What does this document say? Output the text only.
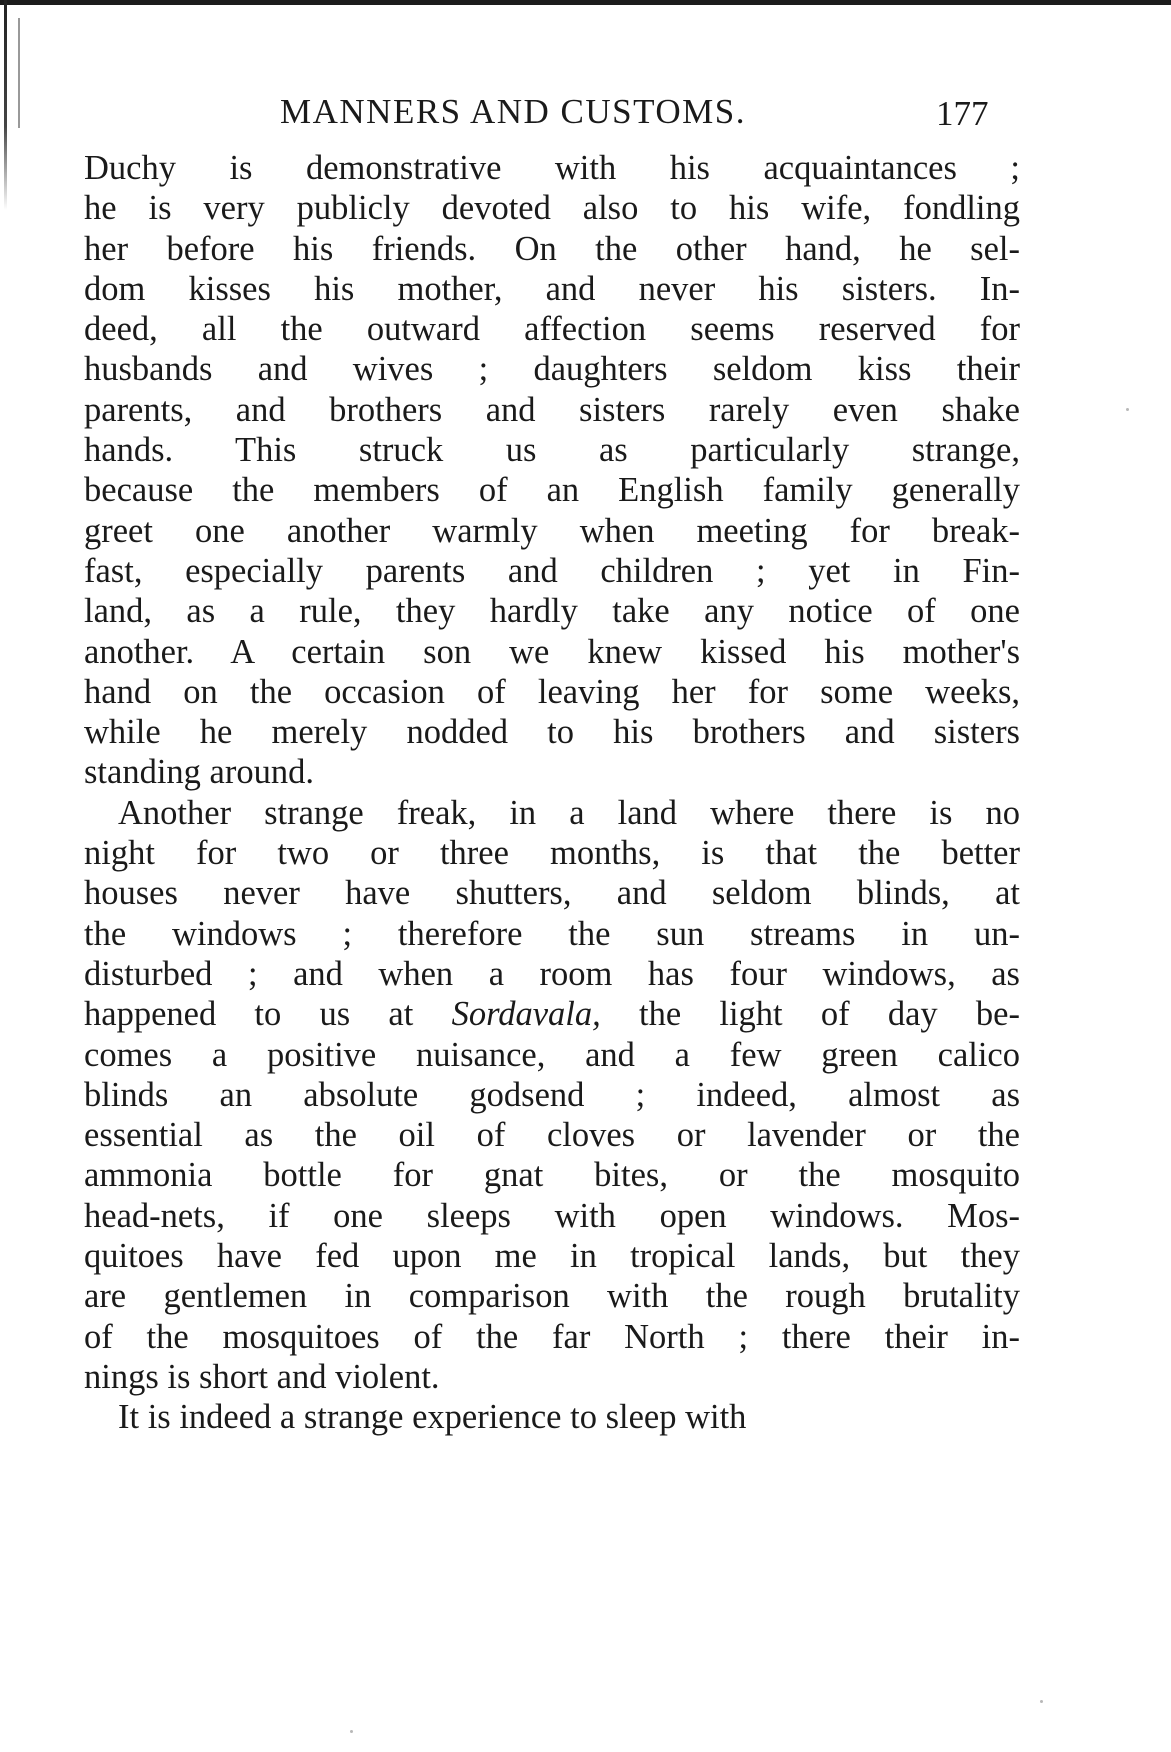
MANNERS AND CUSTOMS.	177
Duchy is demonstrative with his acquaintances ;
he is very publicly devoted also to his wife, fondling
her before his friends. On the other hand, he sel-
dom kisses his mother, and never his sisters. In-
deed, all the outward affection seems reserved for
husbands and wives ; daughters seldom kiss their
parents, and brothers and sisters rarely even shake
hands. This struck us as particularly strange,
because the members of an English family generally
greet one another warmly when meeting for break-
fast, especially parents and children ; yet in Fin-
land, as a rule, they hardly take any notice of one
another. A certain son we knew kissed his mother's
hand on the occasion of leaving her for some weeks,
while he merely nodded to his brothers and sisters
standing around.
Another strange freak, in a land where there is no
night for two or three months, is that the better
houses never have shutters, and seldom blinds, at
the windows ; therefore the sun streams in un-
disturbed ; and when a room has four windows, as
happened to us at Sordavala, the light of day be-
comes a positive nuisance, and a few green calico
blinds an absolute godsend ; indeed, almost as
essential as the oil of cloves or lavender or the
ammonia bottle for gnat bites, or the mosquito
head-nets, if one sleeps with open windows. Mos-
quitoes have fed upon me in tropical lands, but they
are gentlemen in comparison with the rough brutality
of the mosquitoes of the far North ; there their in-
nings is short and violent.
It is indeed a strange experience to sleep with
